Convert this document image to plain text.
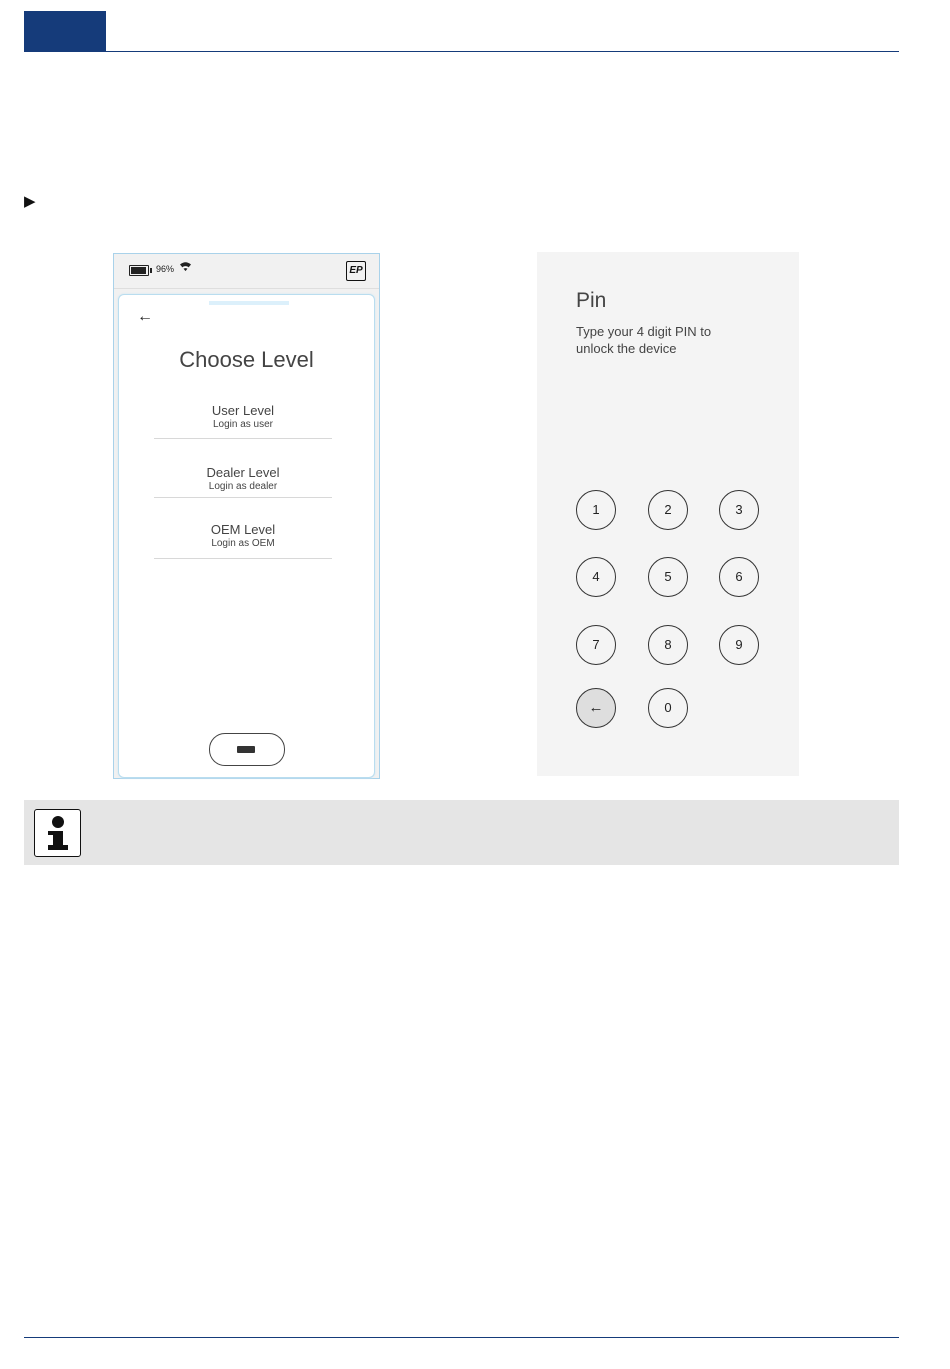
▶
96%	EP
←
Choose Level
User Level
Login as user
Dealer Level
Login as dealer
OEM Level
Login as OEM
Pin
Type your 4 digit PIN to unlock the device
1	2	3
4	5	6
7	8	9
←	0
